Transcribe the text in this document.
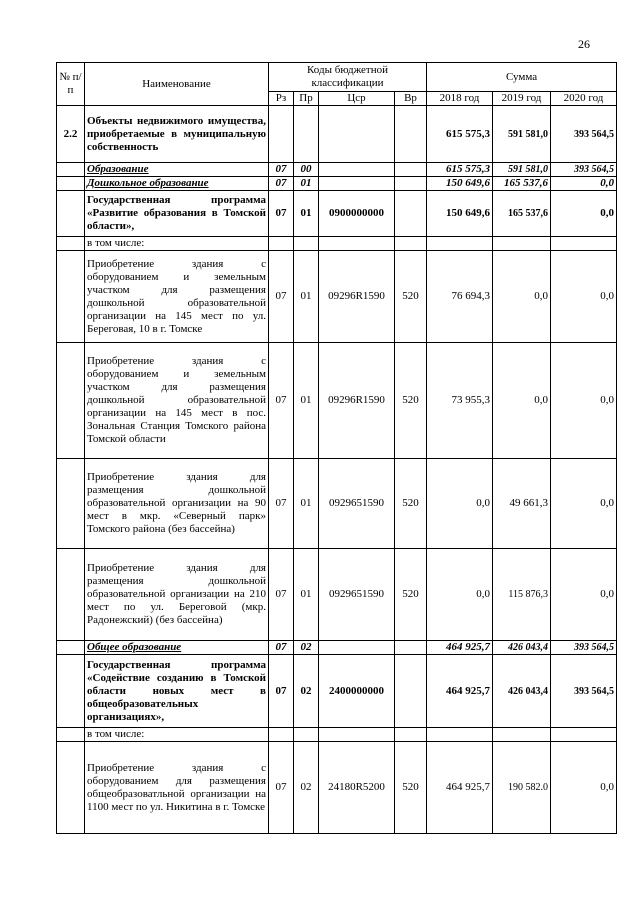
26
№ п/п	Наименование	Коды бюджетной классификации				Сумма		
		Рз	Пр	Цср	Вр	2018 год	2019 год	2020 год
2.2	Объекты недвижимого имущества, приобретаемые в муниципальную собственность					615 575,3	591 581,0	393 564,5
	Образование	07	00			615 575,3	591 581,0	393 564,5
	Дошкольное образование	07	01			150 649,6	165 537,6	0,0
	Государственная программа «Развитие образования в Томской области»,	07	01	0900000000		150 649,6	165 537,6	0,0
	в том числе:							
	Приобретение здания с оборудованием и земельным участком для размещения дошкольной образовательной организации на 145 мест по ул. Береговая, 10 в г. Томске	07	01	09296R1590	520	76 694,3	0,0	0,0
	Приобретение здания с оборудованием и земельным участком для размещения дошкольной образовательной организации на 145 мест в пос. Зональная Станция Томского района Томской области	07	01	09296R1590	520	73 955,3	0,0	0,0
	Приобретение здания для размещения дошкольной образовательной организации на 90 мест в мкр. «Северный парк» Томского района (без бассейна)	07	01	0929651590	520	0,0	49 661,3	0,0
	Приобретение здания для размещения дошкольной образовательной организации на 210 мест по ул. Береговой (мкр. Радонежский) (без бассейна)	07	01	0929651590	520	0,0	115 876,3	0,0
	Общее образование	07	02			464 925,7	426 043,4	393 564,5
	Государственная программа «Содействие созданию в Томской области новых мест в общеобразовательных организациях»,	07	02	2400000000		464 925,7	426 043,4	393 564,5
	в том числе:							
	Приобретение здания с оборудованием для размещения общеобразоватльной организации на 1100 мест по ул. Никитина в г. Томске	07	02	24180R5200	520	464 925,7	190 582.0	0,0
